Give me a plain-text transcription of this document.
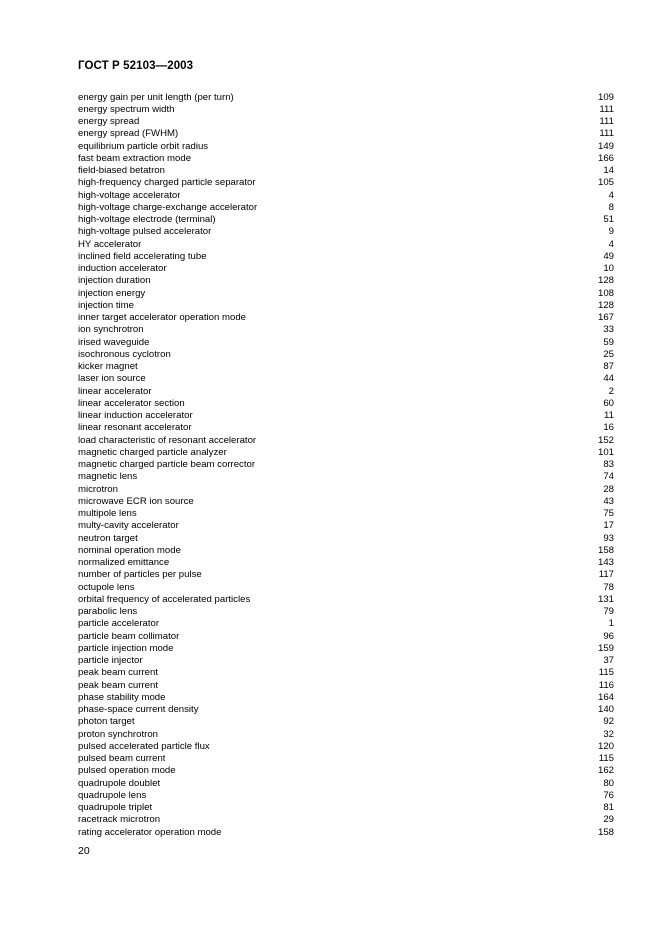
ГОСТ Р 52103—2003
energy gain per unit length (per turn)	109
energy spectrum width	111
energy spread	111
energy spread (FWHM)	111
equilibrium particle orbit radius	149
fast beam extraction mode	166
field-biased betatron	14
high-frequency charged particle separator	105
high-voltage accelerator	4
high-voltage charge-exchange accelerator	8
high-voltage electrode (terminal)	51
high-voltage pulsed accelerator	9
HY accelerator	4
inclined field accelerating tube	49
induction accelerator	10
injection duration	128
injection energy	108
injection time	128
inner target accelerator operation mode	167
ion synchrotron	33
irised waveguide	59
isochronous cyclotron	25
kicker magnet	87
laser ion source	44
linear accelerator	2
linear accelerator section	60
linear induction accelerator	11
linear resonant accelerator	16
load characteristic of resonant accelerator	152
magnetic charged particle analyzer	101
magnetic charged particle beam corrector	83
magnetic lens	74
microtron	28
microwave ECR ion source	43
multipole lens	75
multy-cavity accelerator	17
neutron target	93
nominal operation mode	158
normalized emittance	143
number of particles per pulse	117
octupole lens	78
orbital frequency of accelerated particles	131
parabolic lens	79
particle accelerator	1
particle beam collimator	96
particle injection mode	159
particle injector	37
peak beam current	115
peak beam current	116
phase stability mode	164
phase-space current density	140
photon target	92
proton synchrotron	32
pulsed accelerated particle flux	120
pulsed beam current	115
pulsed operation mode	162
quadrupole doublet	80
quadrupole lens	76
quadrupole triplet	81
racetrack microtron	29
rating accelerator operation mode	158
20
